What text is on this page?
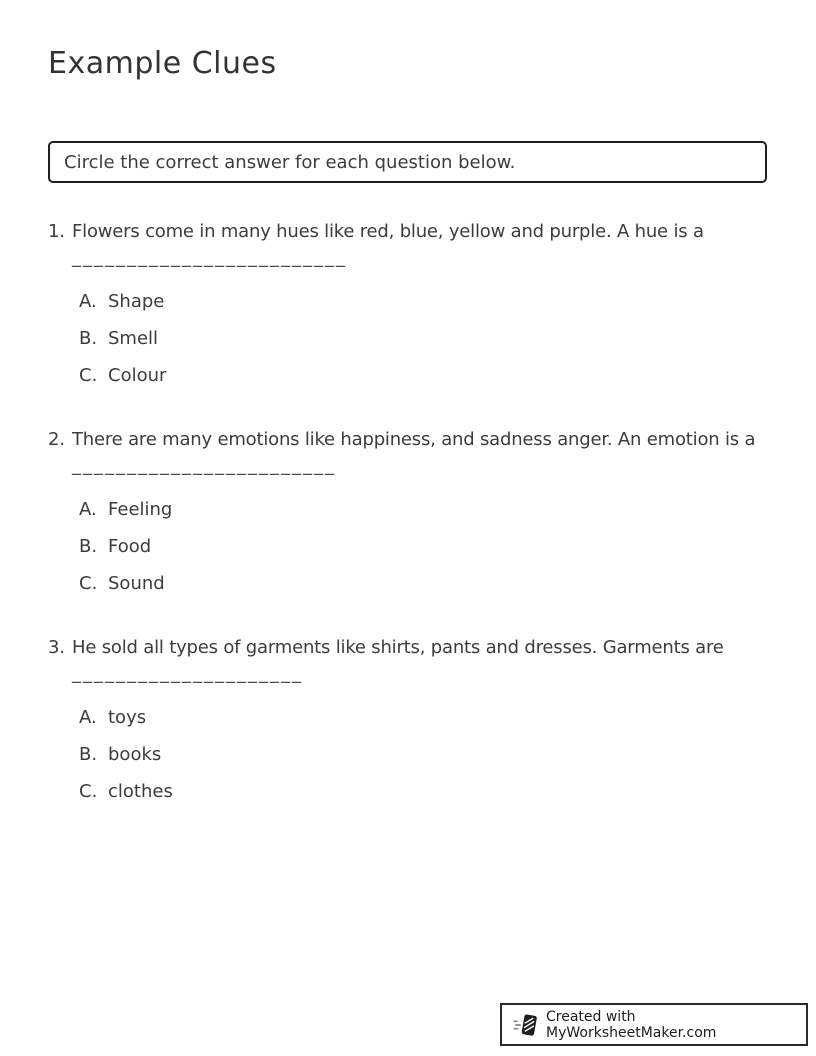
Example Clues
Circle the correct answer for each question below.
1. Flowers come in many hues like red, blue, yellow and purple. A hue is a
_________________________
A. Shape
B. Smell
C. Colour
2. There are many emotions like happiness, and sadness anger. An emotion is a
________________________
A. Feeling
B. Food
C. Sound
3. He sold all types of garments like shirts, pants and dresses. Garments are
_____________________
A. toys
B. books
C. clothes
Created with MyWorksheetMaker.com
